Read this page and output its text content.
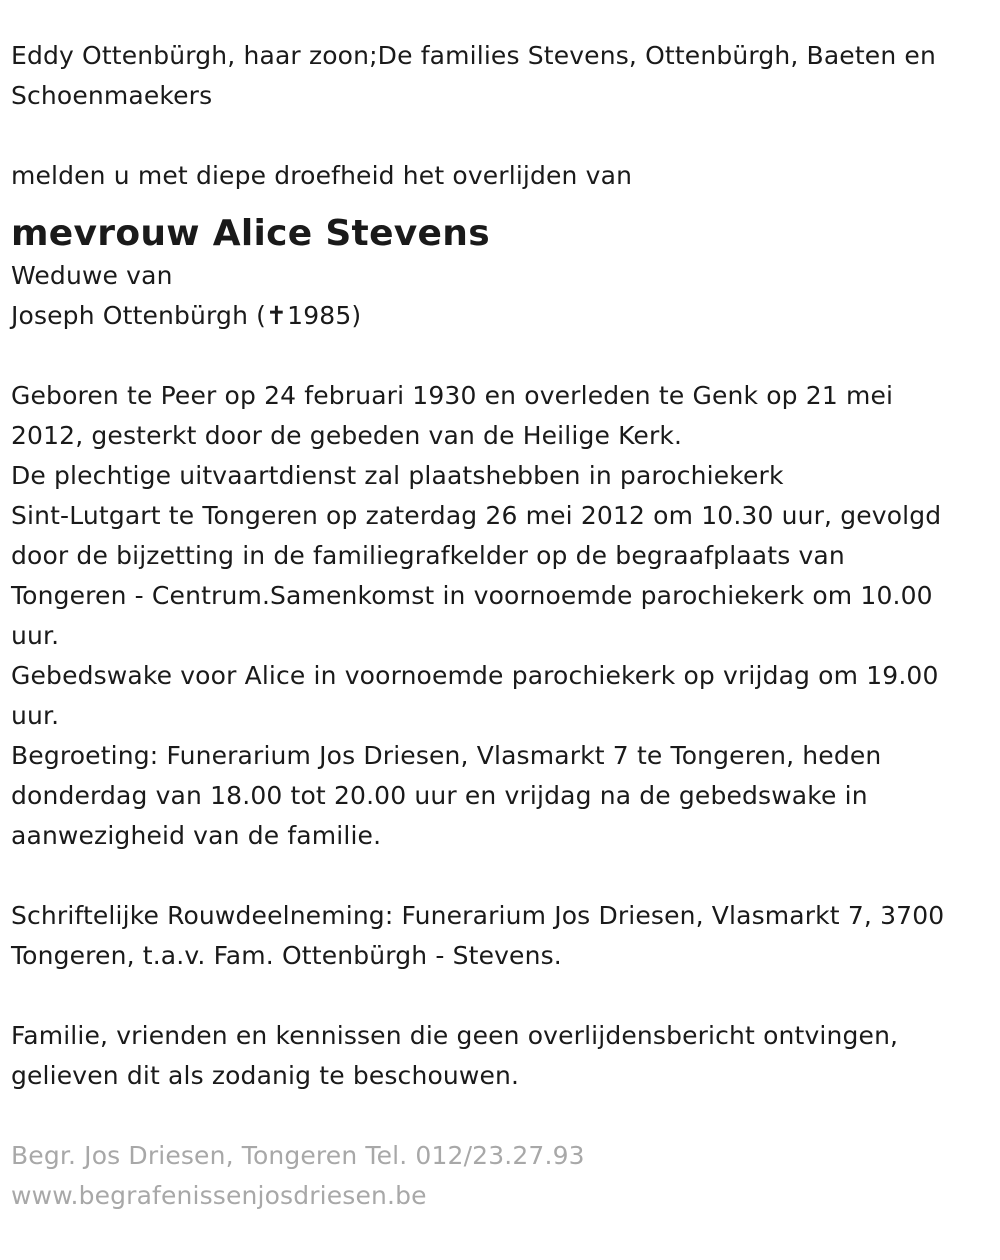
Eddy Ottenbürgh, haar zoon;De families Stevens, Ottenbürgh, Baeten en
Schoenmaekers
melden u met diepe droefheid het overlijden van
mevrouw Alice Stevens
Weduwe van
Joseph Ottenbürgh (✝1985)
Geboren te Peer op 24 februari 1930 en overleden te Genk op 21 mei
2012, gesterkt door de gebeden van de Heilige Kerk.
De plechtige uitvaartdienst zal plaatshebben in parochiekerk
Sint-Lutgart te Tongeren op zaterdag 26 mei 2012 om 10.30 uur, gevolgd
door de bijzetting in de familiegrafkelder op de begraafplaats van
Tongeren - Centrum.Samenkomst in voornoemde parochiekerk om 10.00
uur.
Gebedswake voor Alice in voornoemde parochiekerk op vrijdag om 19.00
uur.
Begroeting: Funerarium Jos Driesen, Vlasmarkt 7 te Tongeren, heden
donderdag van 18.00 tot 20.00 uur en vrijdag na de gebedswake in
aanwezigheid van de familie.
Schriftelijke Rouwdeelneming: Funerarium Jos Driesen, Vlasmarkt 7, 3700
Tongeren, t.a.v. Fam. Ottenbürgh - Stevens.
Familie, vrienden en kennissen die geen overlijdensbericht ontvingen,
gelieven dit als zodanig te beschouwen.
Begr. Jos Driesen, Tongeren Tel. 012/23.27.93
www.begrafenissenjosdriesen.be
